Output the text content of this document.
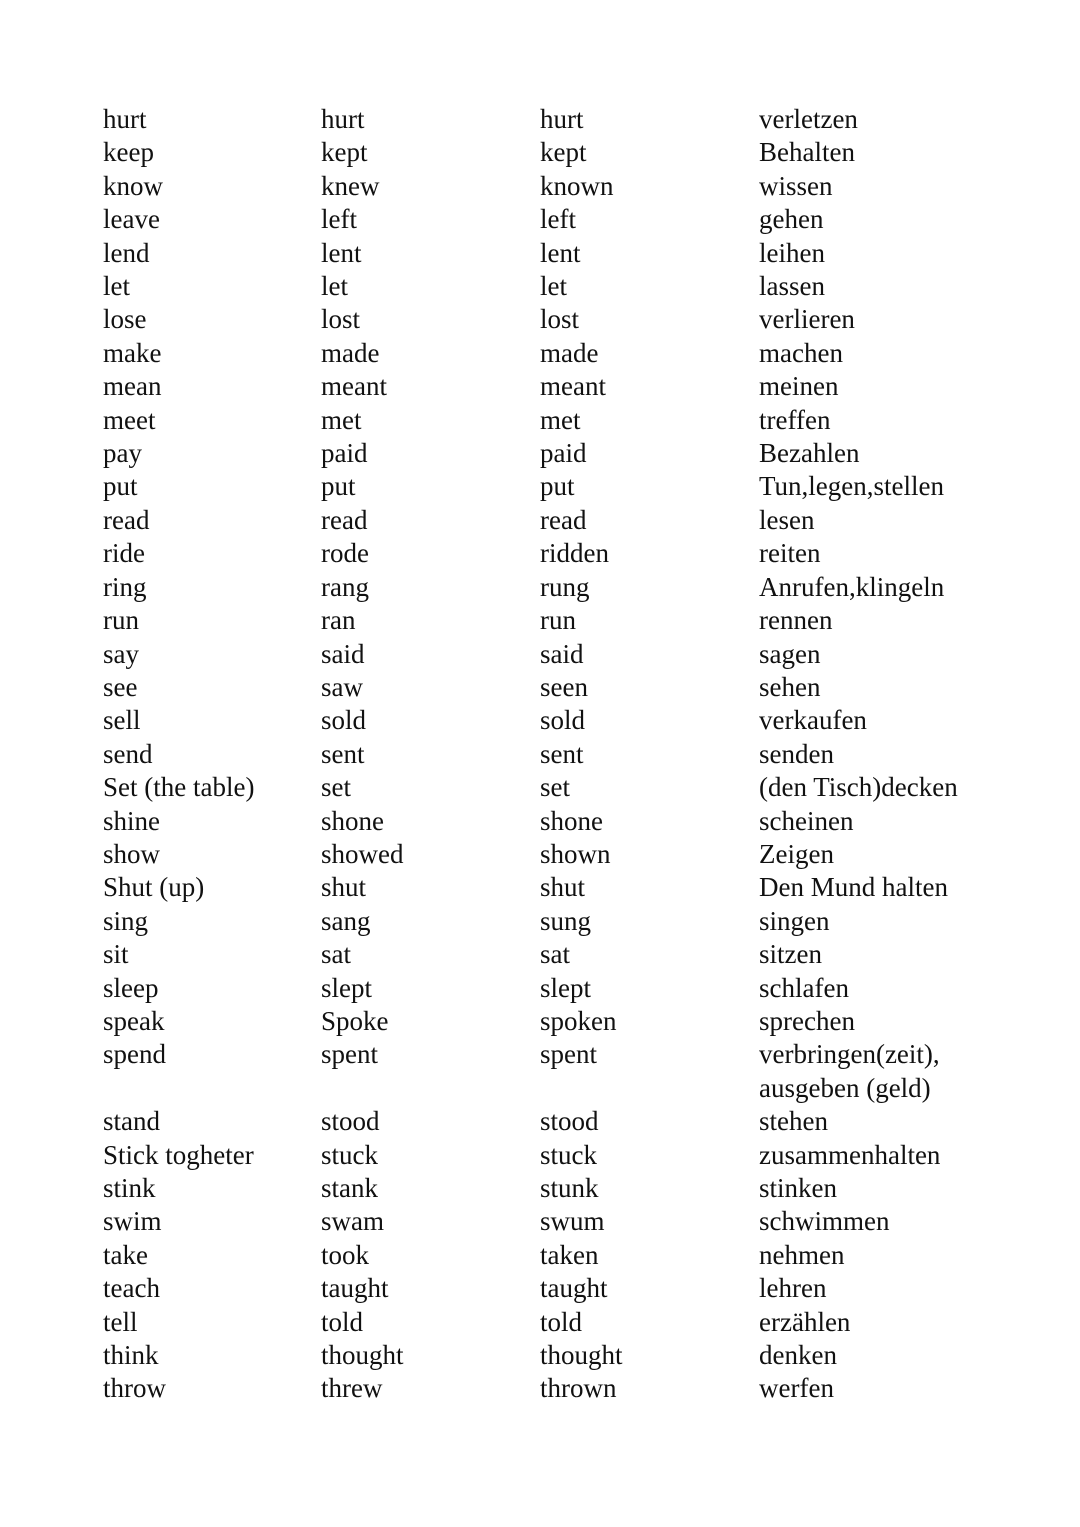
hurt	hurt	hurt	verletzen
keep	kept	kept	Behalten
know	knew	known	wissen
leave	left	left	gehen
lend	lent	lent	leihen
let	let	let	lassen
lose	lost	lost	verlieren
make	made	made	machen
mean	meant	meant	meinen
meet	met	met	treffen
pay	paid	paid	Bezahlen
put	put	put	Tun,legen,stellen
read	read	read	lesen
ride	rode	ridden	reiten
ring	rang	rung	Anrufen,klingeln
run	ran	run	rennen
say	said	said	sagen
see	saw	seen	sehen
sell	sold	sold	verkaufen
send	sent	sent	senden
Set (the table)	set	set	(den Tisch)decken
shine	shone	shone	scheinen
show	showed	shown	Zeigen
Shut (up)	shut	shut	Den Mund halten
sing	sang	sung	singen
sit	sat	sat	sitzen
sleep	slept	slept	schlafen
speak	Spoke	spoken	sprechen
spend	spent	spent	verbringen(zeit),
ausgeben (geld)
stand	stood	stood	stehen
Stick togheter	stuck	stuck	zusammenhalten
stink	stank	stunk	stinken
swim	swam	swum	schwimmen
take	took	taken	nehmen
teach	taught	taught	lehren
tell	told	told	erzählen
think	thought	thought	denken
throw	threw	thrown	werfen
